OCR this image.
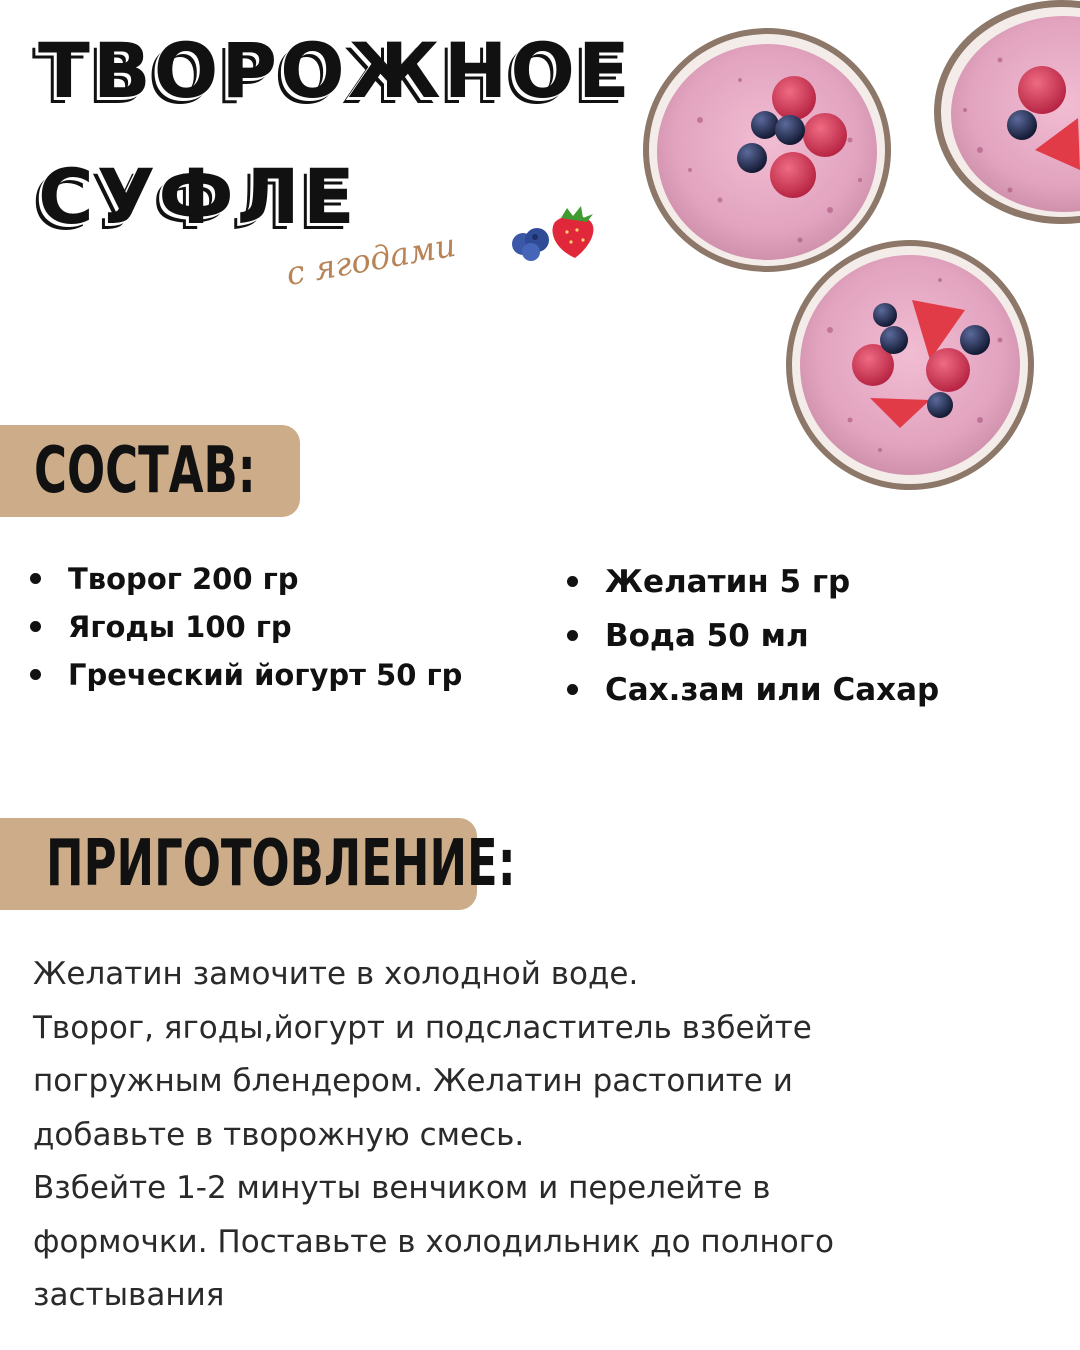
ТВОРОЖНОЕ
СУФЛЕ
с ягодами
СОСТАВ:
Творог 200 гр
Ягоды 100 гр
Греческий йогурт 50 гр
Желатин 5 гр
Вода 50 мл
Сах.зам или Сахар
ПРИГОТОВЛЕНИЕ:

Желатин замочите в холодной воде.

Творог, ягоды,йогурт и подсластитель взбейте

погружным блендером. Желатин растопите и

добавьте в творожную смесь.

Взбейте 1-2 минуты венчиком и перелейте в

формочки. Поставьте в холодильник до полного

застывания
